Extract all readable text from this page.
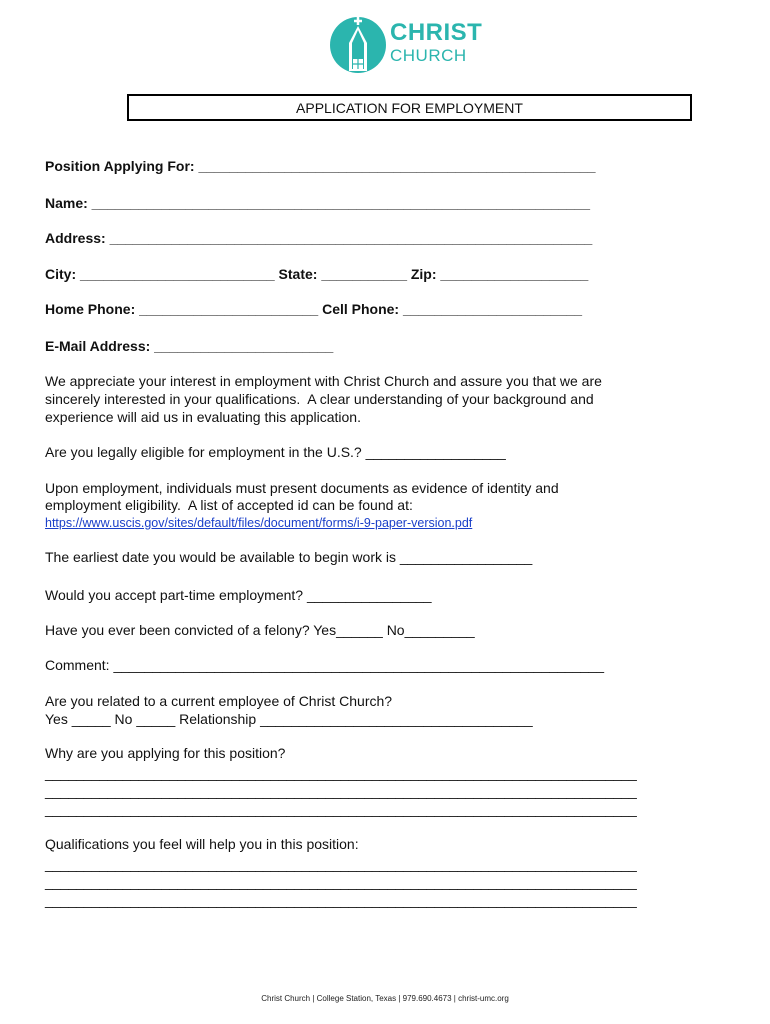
CHRIST
CHURCH
APPLICATION FOR EMPLOYMENT
Position Applying For: ___________________________________________________
Name: ________________________________________________________________
Address: ______________________________________________________________
City: _________________________ State: ___________ Zip: ___________________
Home Phone: _______________________ Cell Phone: _______________________
E-Mail Address: _______________________
We appreciate your interest in employment with Christ Church and assure you that we are
sincerely interested in your qualifications.  A clear understanding of your background and
experience will aid us in evaluating this application.
Are you legally eligible for employment in the U.S.? __________________
Upon employment, individuals must present documents as evidence of identity and
employment eligibility.  A list of accepted id can be found at:
https://www.uscis.gov/sites/default/files/document/forms/i-9-paper-version.pdf
The earliest date you would be available to begin work is _________________
Would you accept part-time employment? ________________
Have you ever been convicted of a felony? Yes______ No_________
Comment: _______________________________________________________________
Are you related to a current employee of Christ Church?
Yes _____ No _____ Relationship ___________________________________
Why are you applying for this position?
____________________________________________________________________________
____________________________________________________________________________
____________________________________________________________________________
Qualifications you feel will help you in this position:
____________________________________________________________________________
____________________________________________________________________________
____________________________________________________________________________
Christ Church | College Station, Texas | 979.690.4673 | christ-umc.org
